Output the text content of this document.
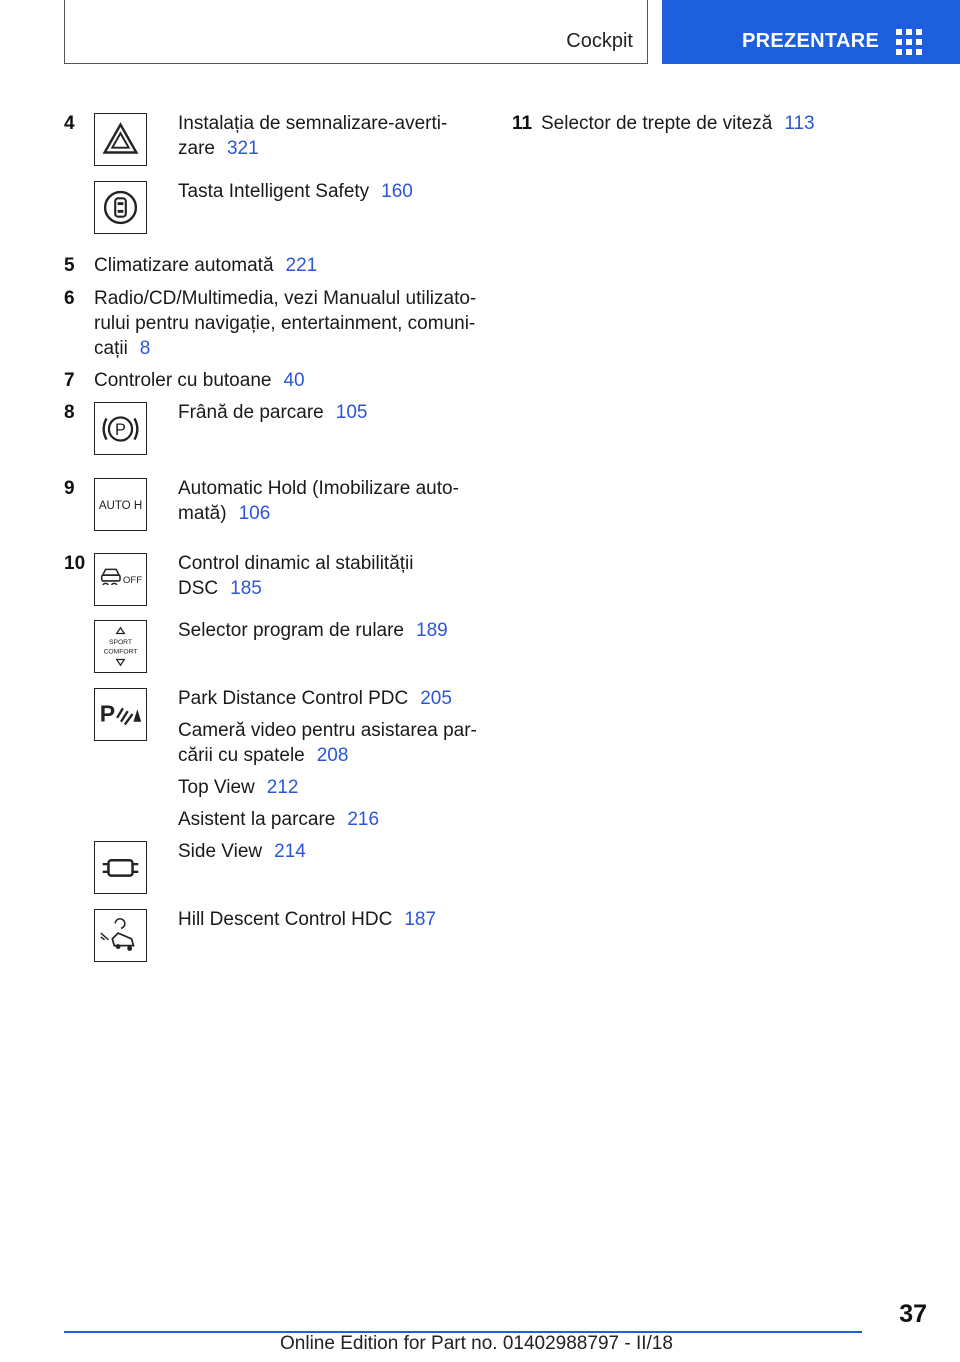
Cockpit	PREZENTARE
4	Instalația de semnalizare-averti-
zare 321
Tasta Intelligent Safety 160
5 Climatizare automată 221
6 Radio/CD/Multimedia, vezi Manualul utilizato-
rului pentru navigație, entertainment, comuni-
cații 8
7 Controler cu butoane 40
8
P
Frână de parcare 105
9
AUTO H
Automatic Hold (Imobilizare auto-
mată) 106
10
OFF
Control dinamic al stabilității
DSC 185
SPORT
COMFORT
Selector program de rulare 189
P
Park Distance Control PDC 205
Cameră video pentru asistarea par-
cării cu spatele 208
Top View 212
Asistent la parcare 216
Side View 214
Hill Descent Control HDC 187
11 Selector de trepte de viteză 113
37
Online Edition for Part no. 01402988797 - II/18
